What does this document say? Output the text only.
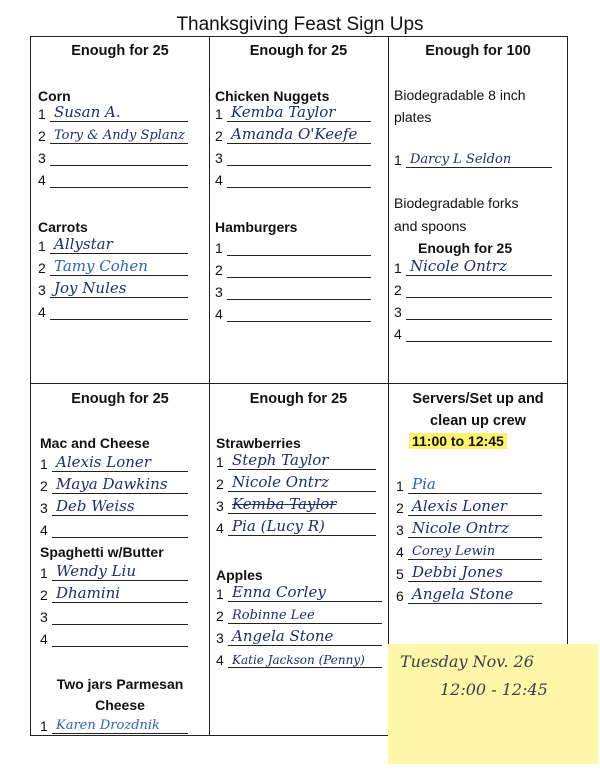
Thanksgiving Feast Sign Ups
Enough for 25
Corn
1 Susan A.
2 Tory & Andy Splanz
3
4
Carrots
1 Allystar
2 Tamy Cohen
3 Joy Nules
4
Enough for 25
Chicken Nuggets
1 Kemba Taylor
2 Amanda O'Keefe
3
4
Hamburgers
1
2
3
4
Enough for 100
Biodegradable 8 inch
plates
1 Darcy L Seldon
Biodegradable forks
and spoons
Enough for 25
1 Nicole Ontrz
2
3
4
Enough for 25
Mac and Cheese
1 Alexis Loner
2 Maya Dawkins
3 Deb Weiss
4
Spaghetti w/Butter
1 Wendy Liu
2 Dhamini
3
4
Two jars Parmesan
Cheese
1 Karen Drozdnik
Enough for 25
Strawberries
1 Steph Taylor
2 Nicole Ontrz
3 Kemba Taylor
4 Pia (Lucy R)
Apples
1 Enna Corley
2 Robinne Lee
3 Angela Stone
4 Katie Jackson (Penny)
Servers/Set up and
clean up crew
11:00 to 12:45
1 Pia
2 Alexis Loner
3 Nicole Ontrz
4 Corey Lewin
5 Debbi Jones
6 Angela Stone
Tuesday Nov. 26
12:00 - 12:45
